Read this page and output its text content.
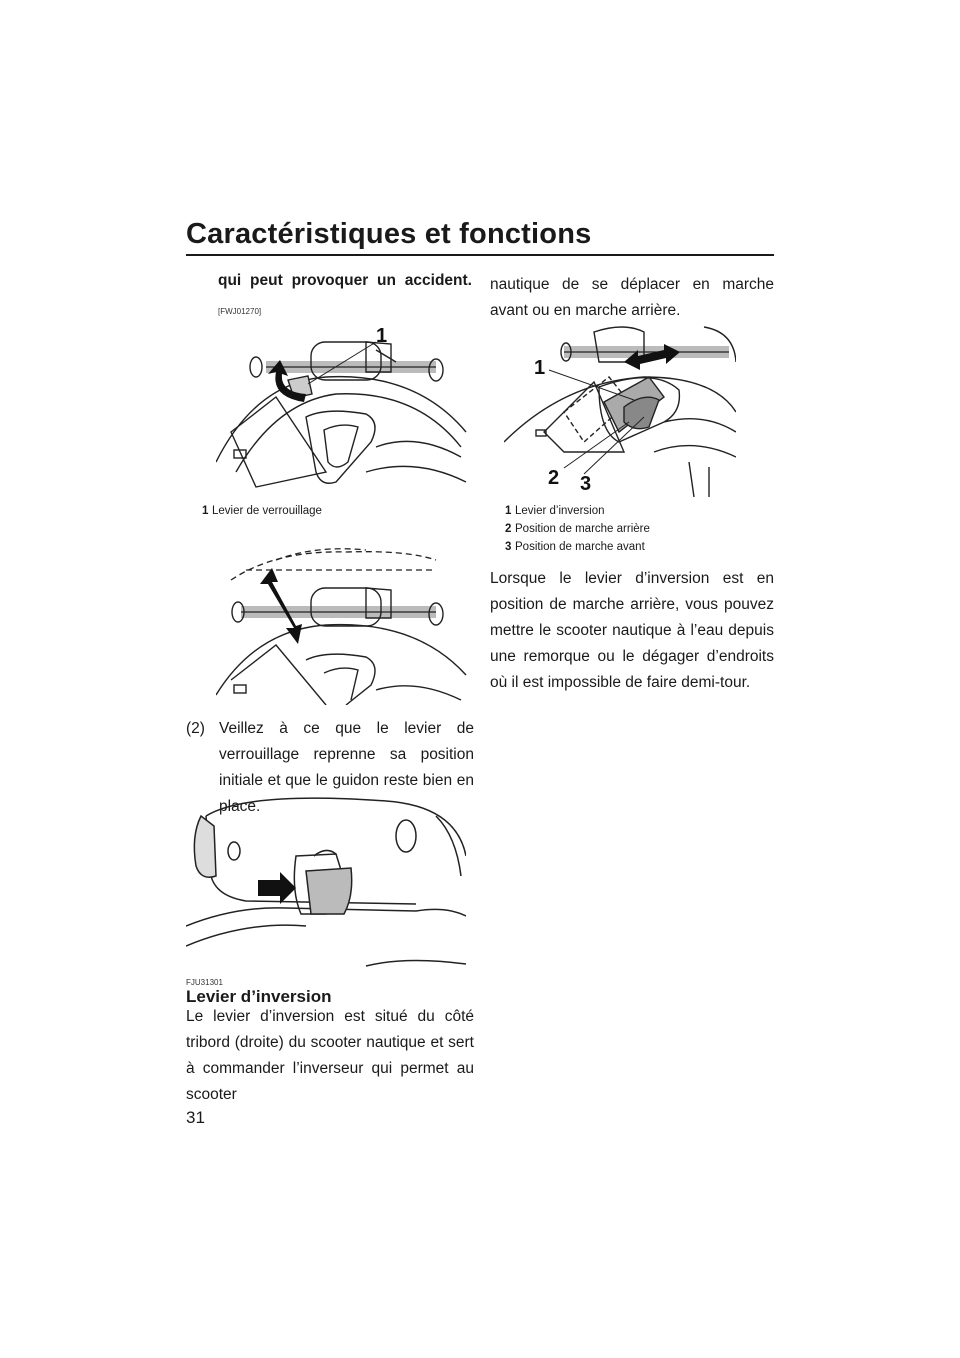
Caractéristiques et fonctions
qui peut provoquer un accident.
[FWJ01270]
1
1 Levier de verrouillage
(2) Veillez à ce que le levier de verrouillage reprenne sa position initiale et que le guidon reste bien en place.
FJU31301
Levier d’inversion
Le levier d’inversion est situé du côté tribord (droite) du scooter nautique et sert à commander l’inverseur qui permet au scooter
nautique de se déplacer en marche avant ou en marche arrière.
1
2 3
1 Levier d’inversion
2 Position de marche arrière
3 Position de marche avant
Lorsque le levier d’inversion est en position de marche arrière, vous pouvez mettre le scooter nautique à l’eau depuis une remorque ou le dégager d’endroits où il est impossible de faire demi-tour.
31
